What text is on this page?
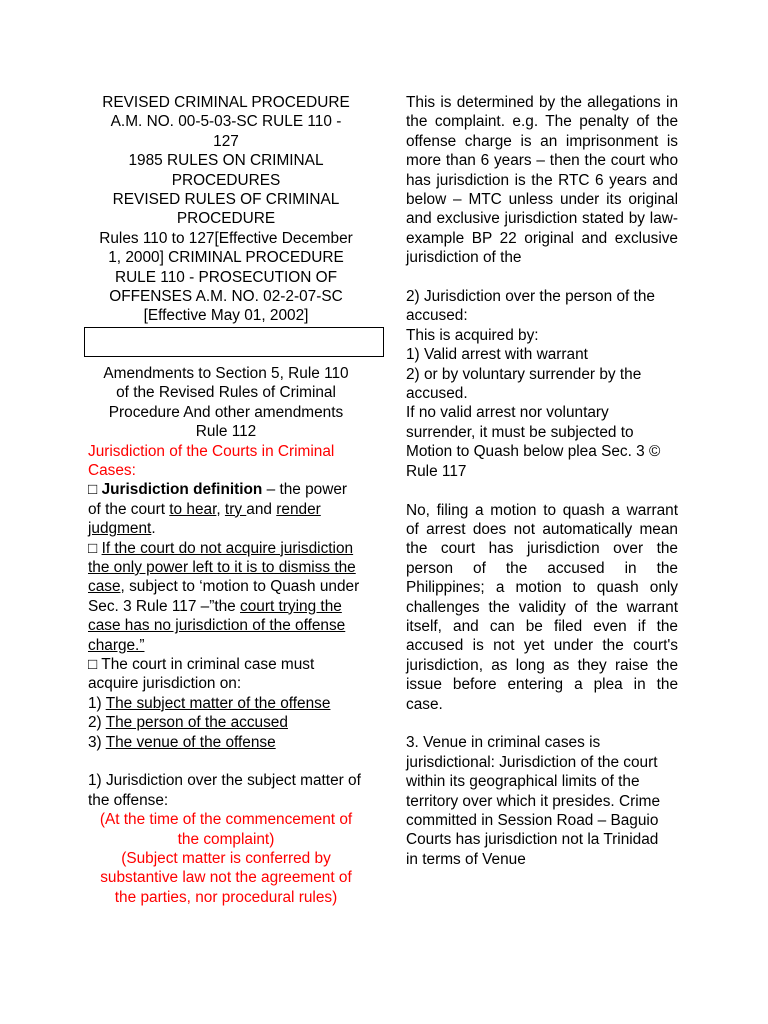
REVISED CRIMINAL PROCEDURE

A.M. NO. 00-5-03-SC RULE 110 -

127

1985 RULES ON CRIMINAL

PROCEDURES

REVISED RULES OF CRIMINAL

PROCEDURE

Rules 110 to 127[Effective December

1, 2000] CRIMINAL PROCEDURE

RULE 110 - PROSECUTION OF

OFFENSES A.M. NO. 02-2-07-SC

[Effective May 01, 2002]

Amendments to Section 5, Rule 110

of the Revised Rules of Criminal

Procedure And other amendments

Rule 112

Jurisdiction of the Courts in Criminal Cases:

□ Jurisdiction definition – the power of the court to hear, try and render judgment.

□ If the court do not acquire jurisdiction the only power left to it is to dismiss the case, subject to ‘motion to Quash under Sec. 3 Rule 117 –”the court trying the case has no jurisdiction of the offense charge.”

□ The court in criminal case must acquire jurisdiction on:

1) The subject matter of the offense

2) The person of the accused

3) The venue of the offense

1) Jurisdiction over the subject matter of the offense:

(At the time of the commencement of

the complaint)

(Subject matter is conferred by

substantive law not the agreement of

the parties, nor procedural rules)

This is determined by the allegations in the complaint. e.g. The penalty of the offense charge is an imprisonment is more than 6 years – then the court who has jurisdiction is the RTC 6 years and below – MTC unless under its original and exclusive jurisdiction stated by law- example BP 22 original and exclusive jurisdiction of the

2) Jurisdiction over the person of the

accused:

This is acquired by:

1) Valid arrest with warrant

2) or by voluntary surrender by the

accused.

If no valid arrest nor voluntary

surrender, it must be subjected to

Motion to Quash below plea Sec. 3 ©

Rule 117

No, filing a motion to quash a warrant of arrest does not automatically mean the court has jurisdiction over the person of the accused in the Philippines; a motion to quash only challenges the validity of the warrant itself, and can be filed even if the accused is not yet under the court's jurisdiction, as long as they raise the issue before entering a plea in the case.

3. Venue in criminal cases is

jurisdictional: Jurisdiction of the court

within its geographical limits of the

territory over which it presides. Crime

committed in Session Road – Baguio

Courts has jurisdiction not la Trinidad

in terms of Venue
